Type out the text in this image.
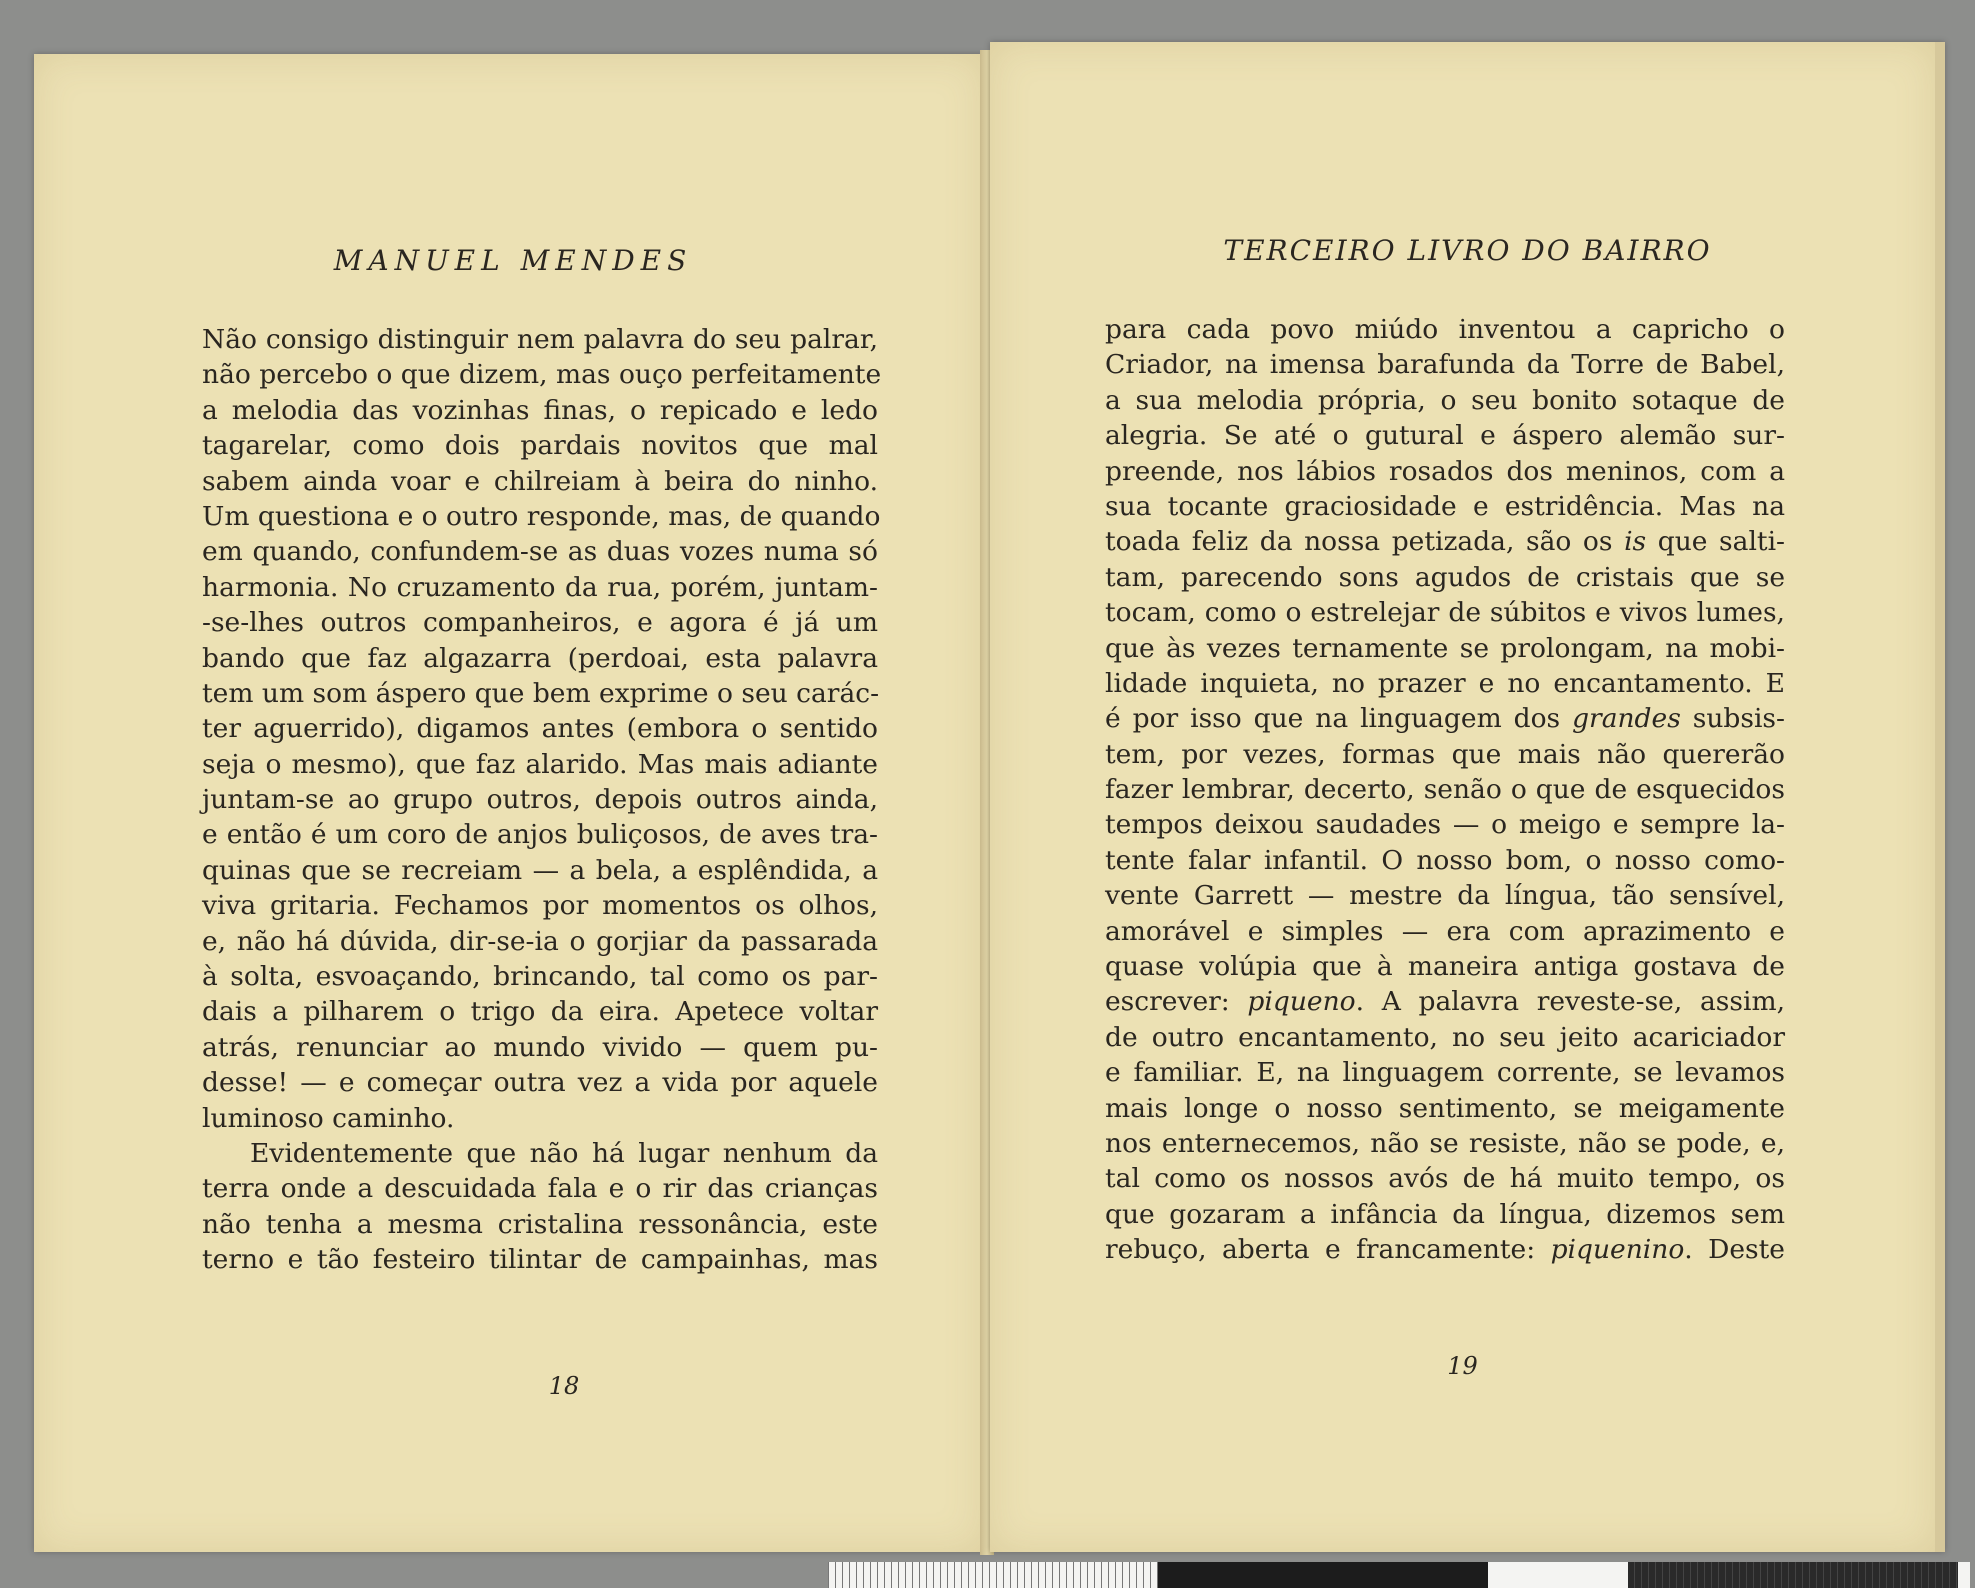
MANUEL MENDES
Não consigo distinguir nem palavra do seu palrar,
não percebo o que dizem, mas ouço perfeitamente
a melodia das vozinhas finas, o repicado e ledo
tagarelar, como dois pardais novitos que mal
sabem ainda voar e chilreiam à beira do ninho.
Um questiona e o outro responde, mas, de quando
em quando, confundem-se as duas vozes numa só
harmonia. No cruzamento da rua, porém, juntam-
-se-lhes outros companheiros, e agora é já um
bando que faz algazarra (perdoai, esta palavra
tem um som áspero que bem exprime o seu carác-
ter aguerrido), digamos antes (embora o sentido
seja o mesmo), que faz alarido. Mas mais adiante
juntam-se ao grupo outros, depois outros ainda,
e então é um coro de anjos buliçosos, de aves tra-
quinas que se recreiam — a bela, a esplêndida, a
viva gritaria. Fechamos por momentos os olhos,
e, não há dúvida, dir-se-ia o gorjiar da passarada
à solta, esvoaçando, brincando, tal como os par-
dais a pilharem o trigo da eira. Apetece voltar
atrás, renunciar ao mundo vivido — quem pu-
desse! — e começar outra vez a vida por aquele
luminoso caminho.
Evidentemente que não há lugar nenhum da
terra onde a descuidada fala e o rir das crianças
não tenha a mesma cristalina ressonância, este
terno e tão festeiro tilintar de campainhas, mas
18
TERCEIRO LIVRO DO BAIRRO
para cada povo miúdo inventou a capricho o
Criador, na imensa barafunda da Torre de Babel,
a sua melodia própria, o seu bonito sotaque de
alegria. Se até o gutural e áspero alemão sur-
preende, nos lábios rosados dos meninos, com a
sua tocante graciosidade e estridência. Mas na
toada feliz da nossa petizada, são os is que salti-
tam, parecendo sons agudos de cristais que se
tocam, como o estrelejar de súbitos e vivos lumes,
que às vezes ternamente se prolongam, na mobi-
lidade inquieta, no prazer e no encantamento. E
é por isso que na linguagem dos grandes subsis-
tem, por vezes, formas que mais não quererão
fazer lembrar, decerto, senão o que de esquecidos
tempos deixou saudades — o meigo e sempre la-
tente falar infantil. O nosso bom, o nosso como-
vente Garrett — mestre da língua, tão sensível,
amorável e simples — era com aprazimento e
quase volúpia que à maneira antiga gostava de
escrever: piqueno. A palavra reveste-se, assim,
de outro encantamento, no seu jeito acariciador
e familiar. E, na linguagem corrente, se levamos
mais longe o nosso sentimento, se meigamente
nos enternecemos, não se resiste, não se pode, e,
tal como os nossos avós de há muito tempo, os
que gozaram a infância da língua, dizemos sem
rebuço, aberta e francamente: piquenino. Deste
19
